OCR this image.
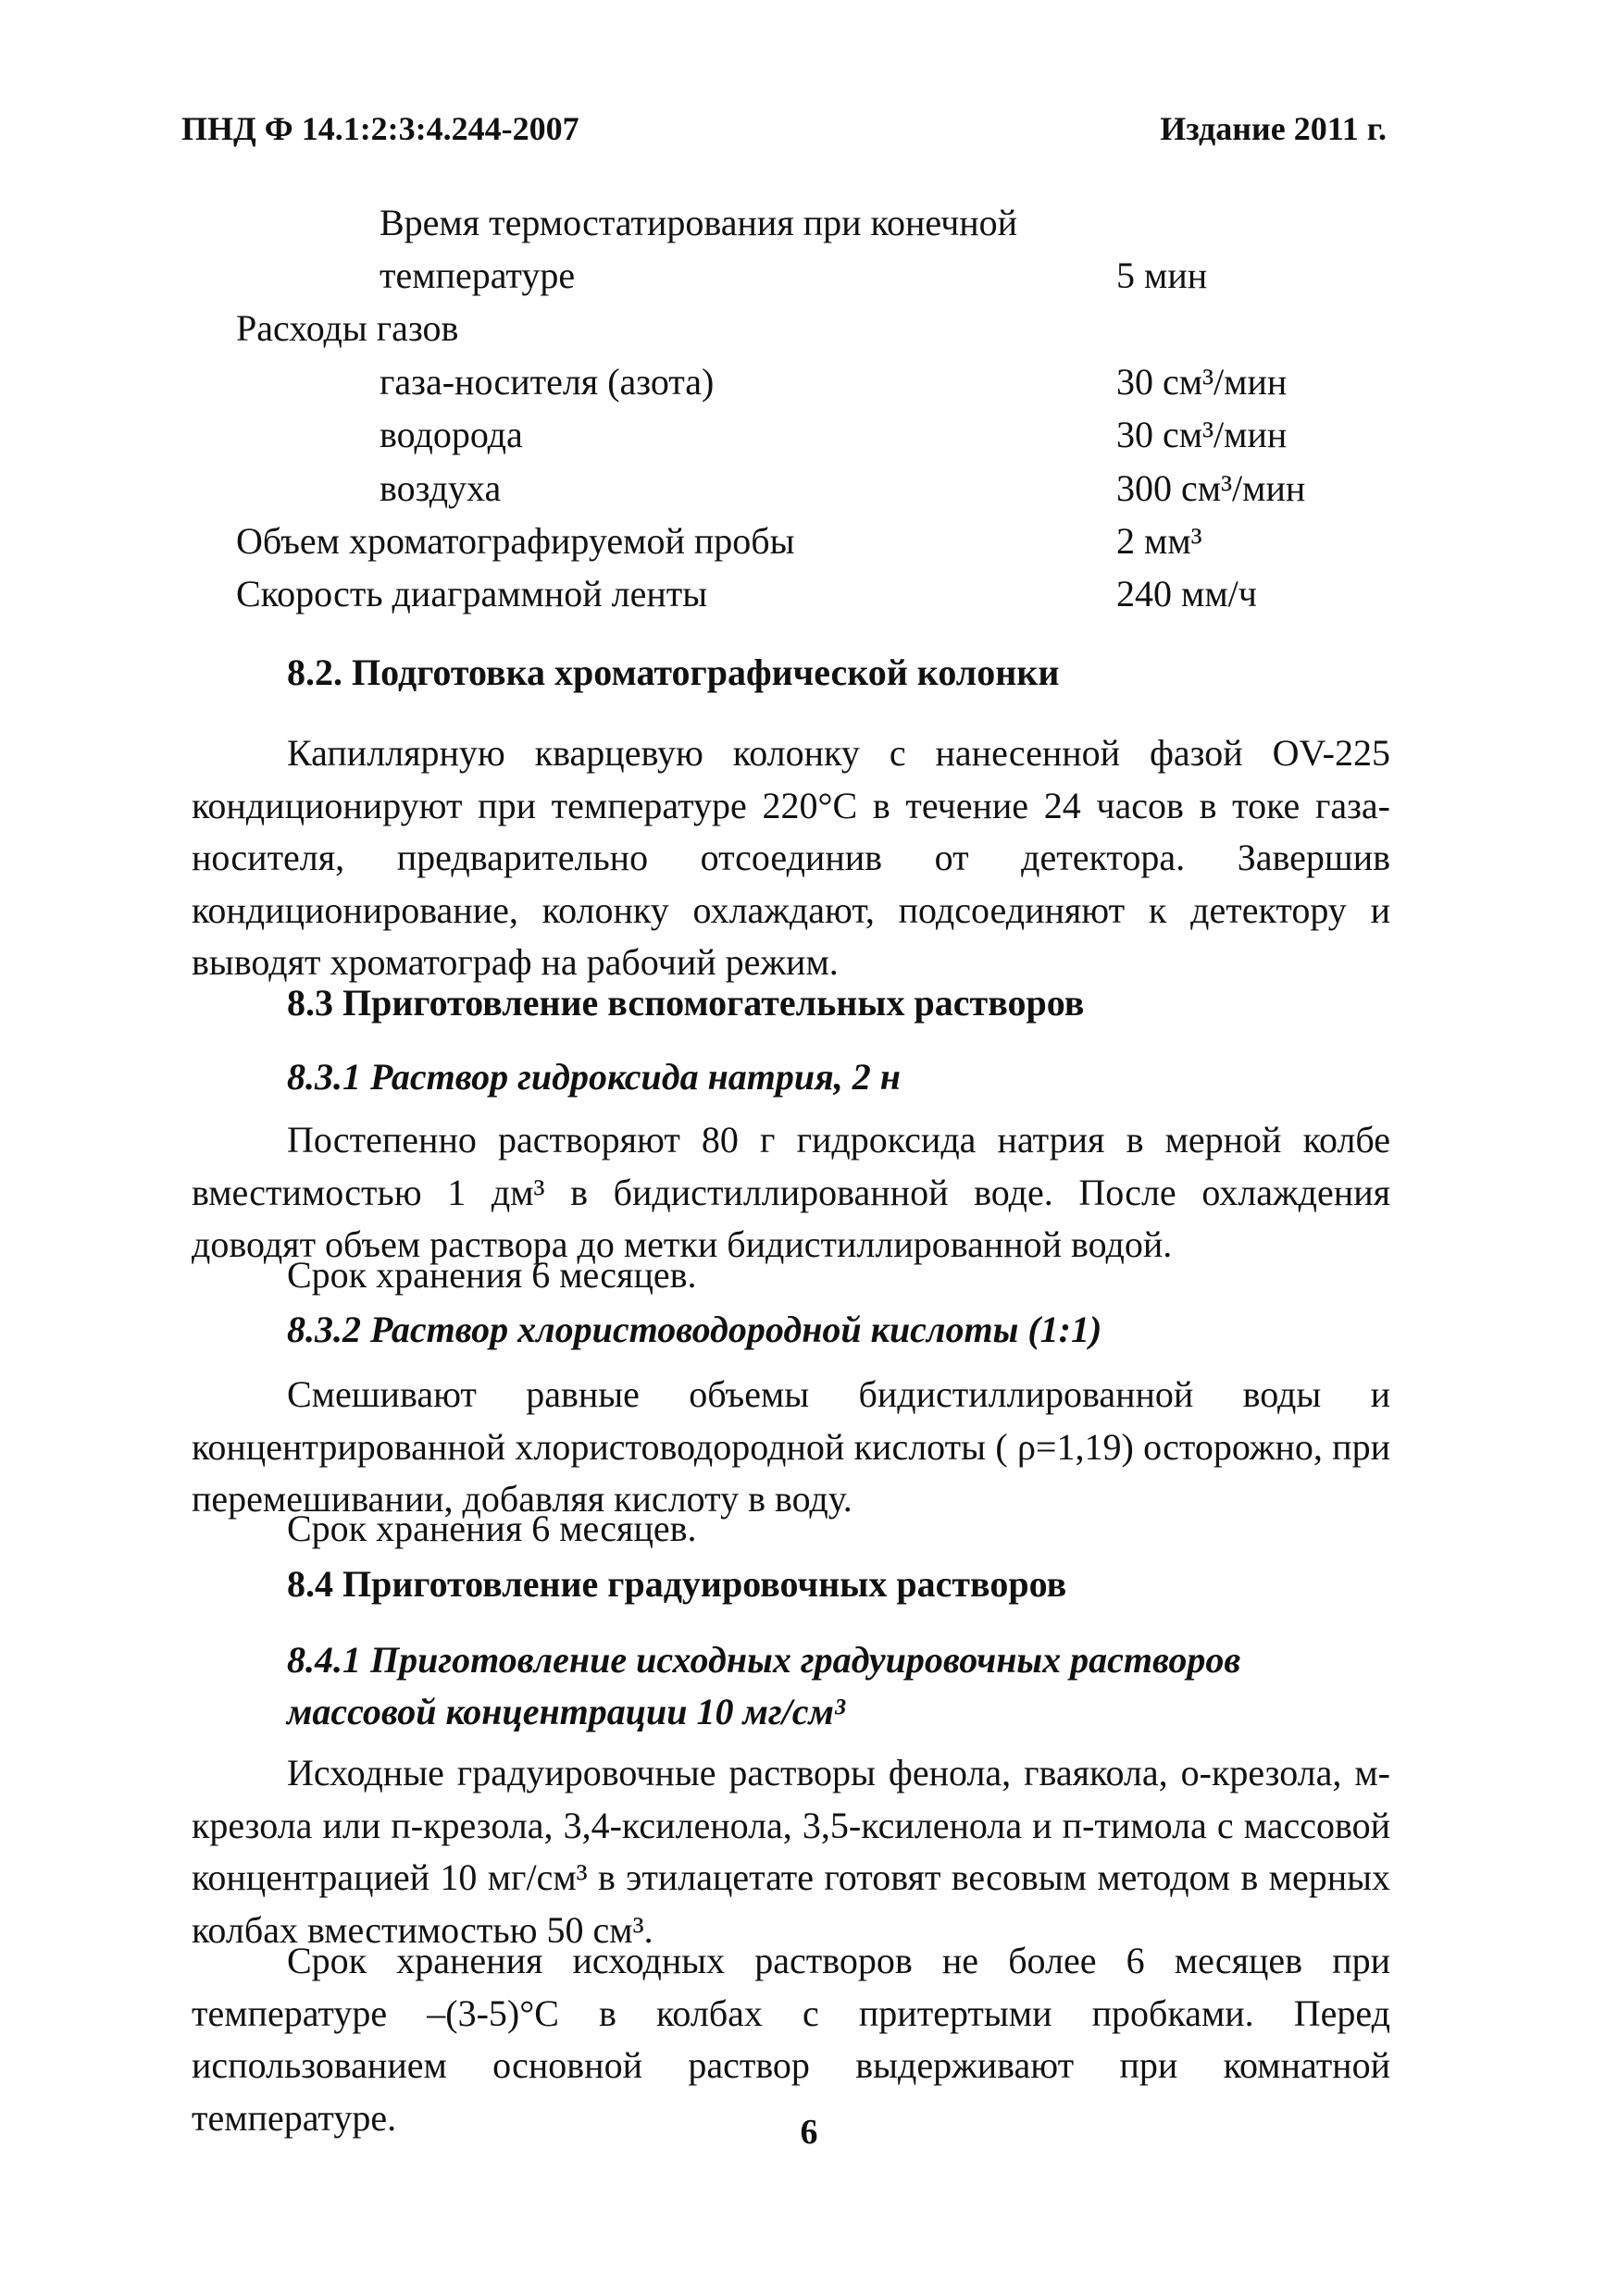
ПНД Ф 14.1:2:3:4.244-2007	Издание 2011 г.
Время термостатирования при конечной
температуре	5 мин
Расходы газов
газа-носителя (азота)	30 см³/мин
водорода	30 см³/мин
воздуха	300 см³/мин
Объем хроматографируемой пробы	2 мм³
Скорость диаграммной ленты	240 мм/ч
8.2. Подготовка хроматографической колонки
Капиллярную кварцевую колонку с нанесенной фазой OV-225 кондиционируют при температуре 220°С в течение 24 часов в токе газа-носителя, предварительно отсоединив от детектора. Завершив кондиционирование, колонку охлаждают, подсоединяют к детектору и выводят хроматограф на рабочий режим.
8.3 Приготовление вспомогательных растворов
8.3.1 Раствор гидроксида натрия, 2 н
Постепенно растворяют 80 г гидроксида натрия в мерной колбе вместимостью 1 дм³ в бидистиллированной воде. После охлаждения доводят объем раствора до метки бидистиллированной водой.
Срок хранения 6 месяцев.
8.3.2 Раствор хлористоводородной кислоты (1:1)
Смешивают равные объемы бидистиллированной воды и концентрированной хлористоводородной кислоты ( ρ=1,19) осторожно, при перемешивании, добавляя кислоту в воду.
Срок хранения 6 месяцев.
8.4 Приготовление градуировочных растворов
8.4.1 Приготовление исходных градуировочных растворов
массовой концентрации 10 мг/см³
Исходные градуировочные растворы фенола, гваякола, о-крезола, м-крезола или п-крезола, 3,4-ксиленола, 3,5-ксиленола и п-тимола с массовой концентрацией 10 мг/см³ в этилацетате готовят весовым методом в мерных колбах вместимостью 50 см³.
Срок хранения исходных растворов не более 6 месяцев при температуре –(3-5)°С в колбах с притертыми пробками. Перед использованием основной раствор выдерживают при комнатной температуре.	6
